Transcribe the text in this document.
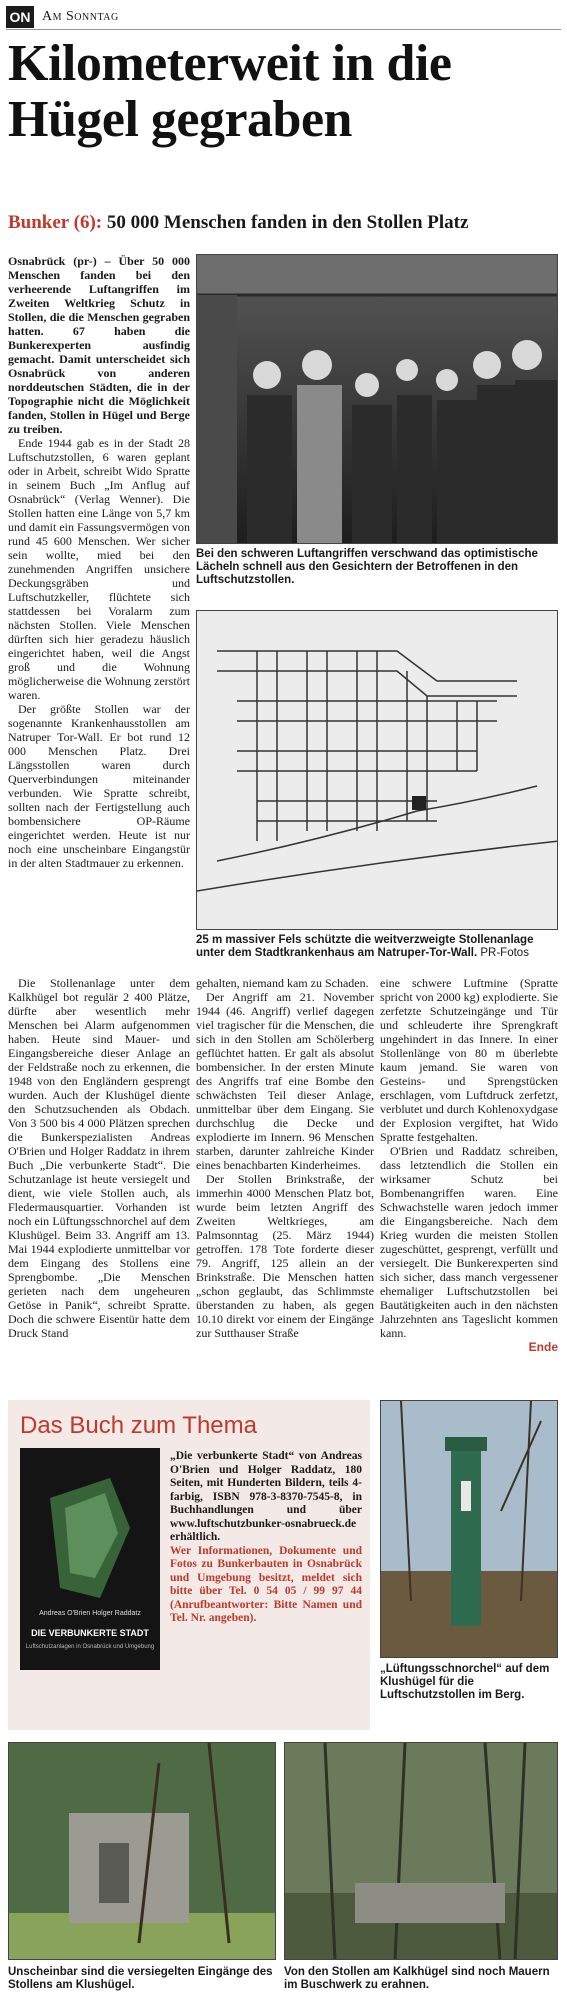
ON Am Sonntag
Kilometerweit in die
Hügel gegraben
Bunker (6): 50 000 Menschen fanden in den Stollen Platz

Osnabrück (pr-) – Über 50 000 Menschen fanden bei den verheerende Luftangriffen im Zweiten Weltkrieg Schutz in Stollen, die die Menschen gegraben hatten. 67 haben die Bunkerexperten ausfindig gemacht. Damit unterscheidet sich Osnabrück von anderen norddeutschen Städten, die in der Topographie nicht die Möglichkeit fanden, Stollen in Hügel und Berge zu treiben.

Ende 1944 gab es in der Stadt 28 Luftschutzstollen, 6 waren geplant oder in Arbeit, schreibt Wido Spratte in seinem Buch „Im Anflug auf Osnabrück“ (Verlag Wenner). Die Stollen hatten eine Länge von 5,7 km und damit ein Fassungsvermögen von rund 45 600 Menschen. Wer sicher sein wollte, mied bei den zunehmenden Angriffen unsichere Deckungsgräben und Luftschutzkeller, flüchtete sich stattdessen bei Voralarm zum nächsten Stollen. Viele Menschen dürften sich hier geradezu häuslich eingerichtet haben, weil die Angst groß und die Wohnung möglicherweise die Wohnung zerstört waren.

Der größte Stollen war der sogenannte Krankenhausstollen am Natruper Tor-Wall. Er bot rund 12 000 Menschen Platz. Drei Längsstollen waren durch Querverbindungen miteinander verbunden. Wie Spratte schreibt, sollten nach der Fertigstellung auch bombensichere OP-Räume eingerichtet werden. Heute ist nur noch eine unscheinbare Eingangstür in der alten Stadtmauer zu erkennen.

Bei den schweren Luftangriffen verschwand das optimistische Lächeln schnell aus den Gesichtern der Betroffenen in den Luftschutzstollen.
25 m massiver Fels schützte die weitverzweigte Stollenanlage unter dem Stadtkrankenhaus am Natruper-Tor-Wall. PR-Fotos

Die Stollenanlage unter dem Kalkhügel bot regulär 2 400 Plätze, dürfte aber wesentlich mehr Menschen bei Alarm aufgenommen haben. Heute sind Mauer- und Eingangsbereiche dieser Anlage an der Feldstraße noch zu erkennen, die 1948 von den Engländern gesprengt wurden. Auch der Klushügel diente den Schutzsuchenden als Obdach. Von 3 500 bis 4 000 Plätzen sprechen die Bunkerspezialisten Andreas O'Brien und Holger Raddatz in ihrem Buch „Die verbunkerte Stadt“. Die Schutzanlage ist heute versiegelt und dient, wie viele Stollen auch, als Fledermausquartier. Vorhanden ist noch ein Lüftungsschnorchel auf dem Klushügel. Beim 33. Angriff am 13. Mai 1944 explodierte unmittelbar vor dem Eingang des Stollens eine Sprengbombe. „Die Menschen gerieten nach dem ungeheuren Getöse in Panik“, schreibt Spratte. Doch die schwere Eisentür hatte dem Druck Stand

gehalten, niemand kam zu Schaden.

Der Angriff am 21. November 1944 (46. Angriff) verlief dagegen viel tragischer für die Menschen, die sich in den Stollen am Schölerberg geflüchtet hatten. Er galt als absolut bombensicher. In der ersten Minute des Angriffs traf eine Bombe den schwächsten Teil dieser Anlage, unmittelbar über dem Eingang. Sie durchschlug die Decke und explodierte im Innern. 96 Menschen starben, darunter zahlreiche Kinder eines benachbarten Kinderheimes.

Der Stollen Brinkstraße, der immerhin 4000 Menschen Platz bot, wurde beim letzten Angriff des Zweiten Weltkrieges, am Palmsonntag (25. März 1944) getroffen. 178 Tote forderte dieser 79. Angriff, 125 allein an der Brinkstraße. Die Menschen hatten „schon geglaubt, das Schlimmste überstanden zu haben, als gegen 10.10 direkt vor einem der Eingänge zur Sutthauser Straße

eine schwere Luftmine (Spratte spricht von 2000 kg) explodierte. Sie zerfetzte Schutzeingänge und Tür und schleuderte ihre Sprengkraft ungehindert in das Innere. In einer Stollenlänge von 80 m überlebte kaum jemand. Sie waren von Gesteins- und Sprengstücken erschlagen, vom Luftdruck zerfetzt, verblutet und durch Kohlenoxydgase der Explosion vergiftet, hat Wido Spratte festgehalten.

O'Brien und Raddatz schreiben, dass letztendlich die Stollen ein wirksamer Schutz bei Bombenangriffen waren. Eine Schwachstelle waren jedoch immer die Eingangsbereiche. Nach dem Krieg wurden die meisten Stollen zugeschüttet, gesprengt, verfüllt und versiegelt. Die Bunkerexperten sind sich sicher, dass manch vergessener ehemaliger Luftschutzstollen bei Bautätigkeiten auch in den nächsten Jahrzehnten ans Tageslicht kommen kann.

Ende

Das Buch zum Thema
Andreas O'Brien Holger Raddatz
DIE VERBUNKERTE STADT
Luftschutzanlagen in Osnabrück und Umgebung

„Die verbunkerte Stadt“ von Andreas O'Brien und Holger Raddatz, 180 Seiten, mit Hunderten Bildern, teils 4-farbig, ISBN 978-3-8370-7545-8, in Buchhandlungen und über www.luftschutzbunker-osnabrueck.de erhältlich.

Wer Informationen, Dokumente und Fotos zu Bunkerbauten in Osnabrück und Umgebung besitzt, meldet sich bitte über Tel. 0 54 05 / 99 97 44 (Anrufbeantworter: Bitte Namen und Tel. Nr. angeben).

„Lüftungsschnorchel“ auf dem Klushügel für die Luftschutzstollen im Berg.
Unscheinbar sind die versiegelten Eingänge des Stollens am Klushügel.
Von den Stollen am Kalkhügel sind noch Mauern im Buschwerk zu erahnen.
